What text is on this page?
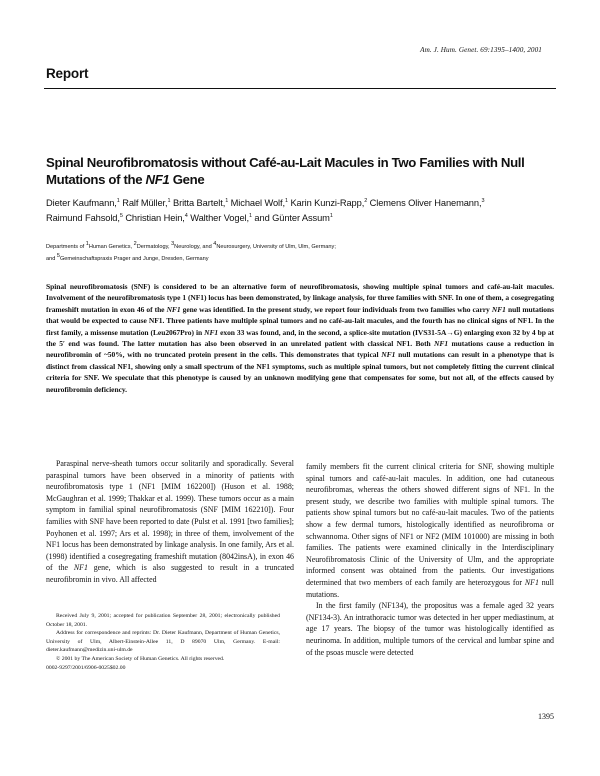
Am. J. Hum. Genet. 69:1395–1400, 2001
Report
Spinal Neurofibromatosis without Café-au-Lait Macules in Two Families with Null Mutations of the NF1 Gene
Dieter Kaufmann,$^1$ Ralf Müller,$^1$ Britta Bartelt,$^1$ Michael Wolf,$^1$ Karin Kunzi-Rapp,$^2$ Clemens Oliver Hanemann,$^3$ Raimund Fahsold,$^5$ Christian Hein,$^4$ Walther Vogel,$^1$ and Günter Assum$^1$
Departments of $^1$Human Genetics, $^2$Dermatology, $^3$Neurology, and $^4$Neurosurgery, University of Ulm, Ulm, Germany;
and $^5$Gemeinschaftspraxis Prager and Junge, Dresden, Germany
Spinal neurofibromatosis (SNF) is considered to be an alternative form of neurofibromatosis, showing multiple spinal tumors and café-au-lait macules. Involvement of the neurofibromatosis type 1 (NF1) locus has been demonstrated, by linkage analysis, for three families with SNF. In one of them, a cosegregating frameshift mutation in exon 46 of the NF1 gene was identified. In the present study, we report four individuals from two families who carry NF1 null mutations that would be expected to cause NF1. Three patients have multiple spinal tumors and no café-au-lait macules, and the fourth has no clinical signs of NF1. In the first family, a missense mutation (Leu2067Pro) in NF1 exon 33 was found, and, in the second, a splice-site mutation (IVS31-5A→G) enlarging exon 32 by 4 bp at the 5′ end was found. The latter mutation has also been observed in an unrelated patient with classical NF1. Both NF1 mutations cause a reduction in neurofibromin of ~50%, with no truncated protein present in the cells. This demonstrates that typical NF1 null mutations can result in a phenotype that is distinct from classical NF1, showing only a small spectrum of the NF1 symptoms, such as multiple spinal tumors, but not completely fitting the current clinical criteria for SNF. We speculate that this phenotype is caused by an unknown modifying gene that compensates for some, but not all, of the effects caused by neurofibromin deficiency.

Paraspinal nerve-sheath tumors occur solitarily and sporadically. Several paraspinal tumors have been observed in a minority of patients with neurofibromatosis type 1 (NF1 [MIM 162200]) (Huson et al. 1988; McGaughran et al. 1999; Thakkar et al. 1999). These tumors occur as a main symptom in familial spinal neurofibromatosis (SNF [MIM 162210]). Four families with SNF have been reported to date (Pulst et al. 1991 [two families]; Poyhonen et al. 1997; Ars et al. 1998); in three of them, involvement of the NF1 locus has been demonstrated by linkage analysis. In one family, Ars et al. (1998) identified a cosegregating frameshift mutation (8042insA), in exon 46 of the NF1 gene, which is also suggested to result in a truncated neurofibromin in vivo. All affected

family members fit the current clinical criteria for SNF, showing multiple spinal tumors and café-au-lait macules. In addition, one had cutaneous neurofibromas, whereas the others showed different signs of NF1. In the present study, we describe two families with multiple spinal tumors. The patients show spinal tumors but no café-au-lait macules. Two of the patients show a few dermal tumors, histologically identified as neurofibroma or schwannoma. Other signs of NF1 or NF2 (MIM 101000) are missing in both families. The patients were examined clinically in the Interdisciplinary Neurofibromatosis Clinic of the University of Ulm, and the appropriate informed consent was obtained from the patients. Our investigations determined that two members of each family are heterozygous for NF1 null mutations.

In the first family (NF134), the propositus was a female aged 32 years (NF134-3). An intrathoracic tumor was detected in her upper mediastinum, at age 17 years. The biopsy of the tumor was histologically identified as neurinoma. In addition, multiple tumors of the cervical and lumbar spine and of the psoas muscle were detected

Received July 9, 2001; accepted for publication September 28, 2001; electronically published October 18, 2001.

Address for correspondence and reprints: Dr. Dieter Kaufmann, Department of Human Genetics, University of Ulm, Albert-Einstein-Allee 11, D 89070 Ulm, Germany. E-mail: dieter.kaufmann@medizin.uni-ulm.de

© 2001 by The American Society of Human Genetics. All rights reserved.

0002-9297/2001/6906-0025$02.00

1395
